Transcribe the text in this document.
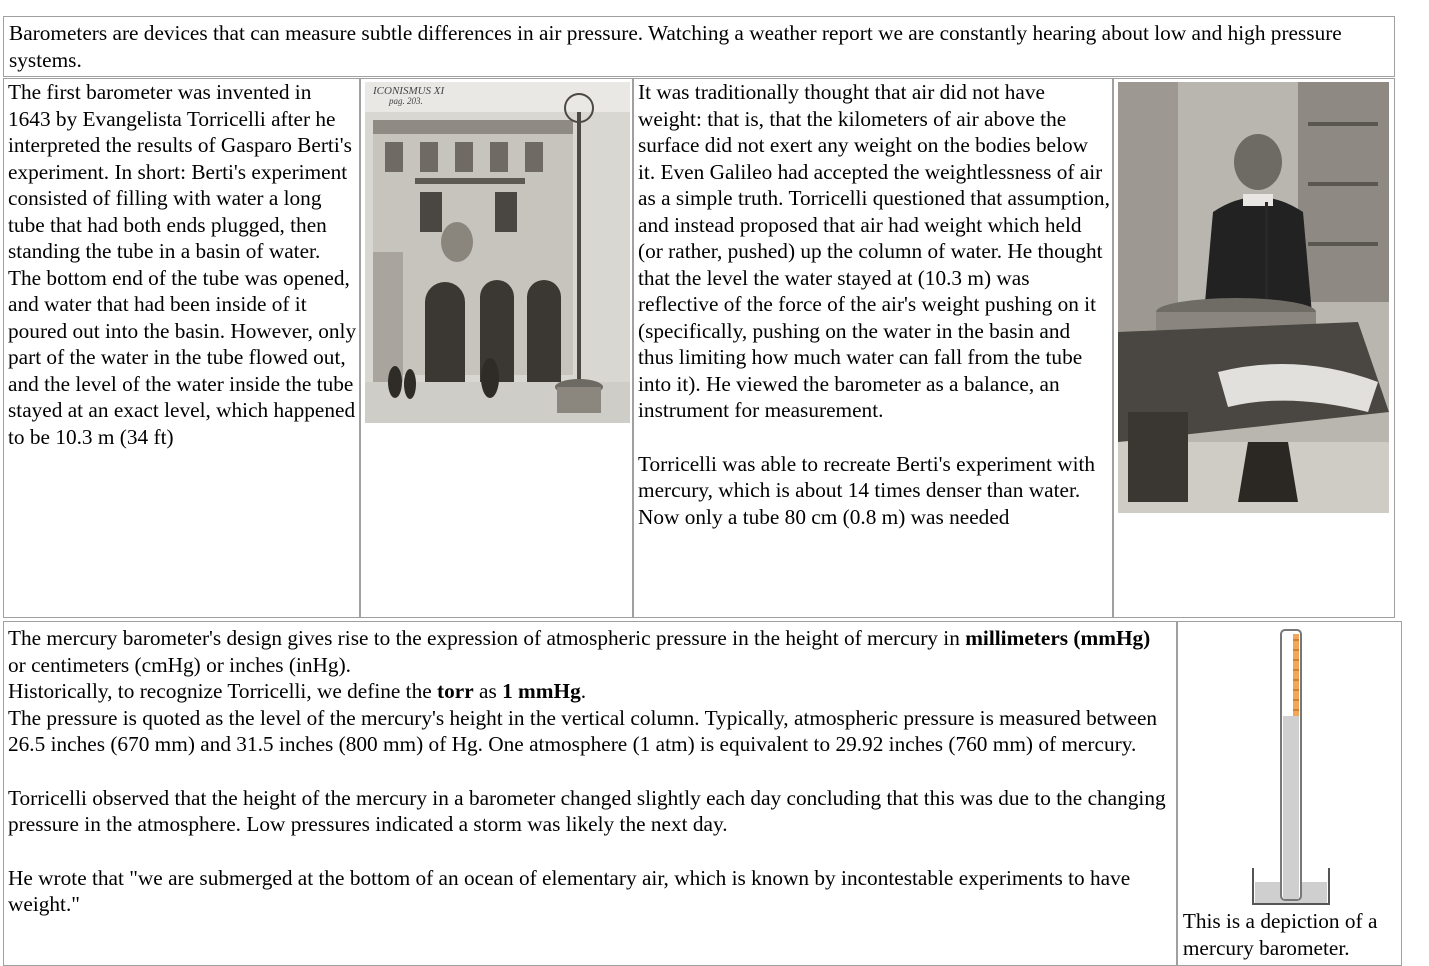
Barometers are devices that can measure subtle differences in air pressure. Watching a weather report we are constantly hearing about low and high pressure systems.
The first barometer was invented in 1643 by Evangelista Torricelli after he interpreted the results of Gasparo Berti's experiment. In short: Berti's experiment consisted of filling with water a long tube that had both ends plugged, then standing the tube in a basin of water. The bottom end of the tube was opened, and water that had been inside of it poured out into the basin. However, only part of the water in the tube flowed out, and the level of the water inside the tube stayed at an exact level, which happened to be 10.3 m (34 ft)	
ICONISMUS XI
pag. 203.	It was traditionally thought that air did not have weight: that is, that the kilometers of air above the surface did not exert any weight on the bodies below it. Even Galileo had accepted the weightlessness of air as a simple truth. Torricelli questioned that assumption, and instead proposed that air had weight which held (or rather, pushed) up the column of water. He thought that the level the water stayed at (10.3 m) was reflective of the force of the air's weight pushing on it (specifically, pushing on the water in the basin and thus limiting how much water can fall from the tube into it). He viewed the barometer as a balance, an instrument for measurement.
Torricelli was able to recreate Berti's experiment with mercury, which is about 14 times denser than water. Now only a tube 80 cm (0.8 m) was needed	
The mercury barometer's design gives rise to the expression of atmospheric pressure in the height of mercury in millimeters (mmHg) or centimeters (cmHg) or inches (inHg).
Historically, to recognize Torricelli, we define the torr as 1 mmHg.
The pressure is quoted as the level of the mercury's height in the vertical column. Typically, atmospheric pressure is measured between 26.5 inches (670 mm) and 31.5 inches (800 mm) of Hg. One atmosphere (1 atm) is equivalent to 29.92 inches (760 mm) of mercury.
Torricelli observed that the height of the mercury in a barometer changed slightly each day concluding that this was due to the changing pressure in the atmosphere. Low pressures indicated a storm was likely the next day.
He wrote that "we are submerged at the bottom of an ocean of elementary air, which is known by incontestable experiments to have weight."

This is a depiction of a mercury barometer.
